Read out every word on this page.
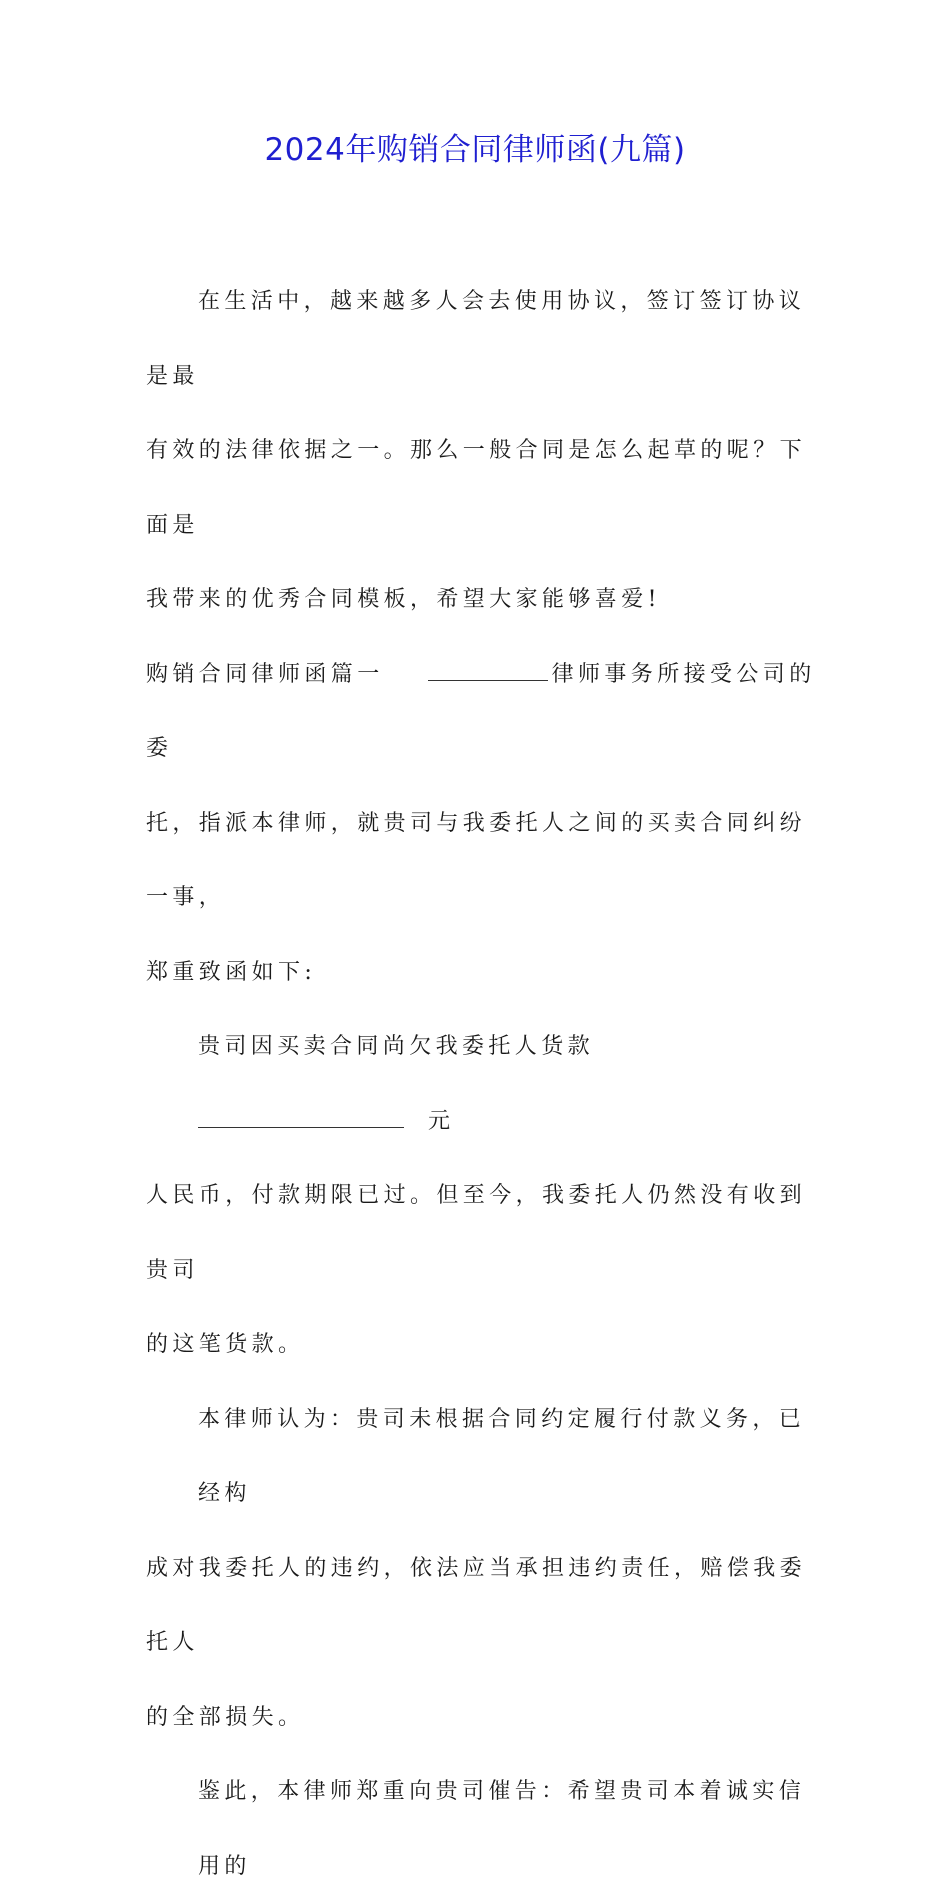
2024年购销合同律师函(九篇)
在生活中，越来越多人会去使用协议，签订签订协议是最
有效的法律依据之一。那么一般合同是怎么起草的呢？下面是
我带来的优秀合同模板，希望大家能够喜爱!
购销合同律师函篇一	律师事务所接受公司的委
托，指派本律师，就贵司与我委托人之间的买卖合同纠纷一事，
郑重致函如下:
贵司因买卖合同尚欠我委托人货款元
人民币，付款期限已过。但至今，我委托人仍然没有收到贵司
的这笔货款。
本律师认为：贵司未根据合同约定履行付款义务，已经构
成对我委托人的违约，依法应当承担违约责任，赔偿我委托人
的全部损失。
鉴此，本律师郑重向贵司催告：希望贵司本着诚实信用的
